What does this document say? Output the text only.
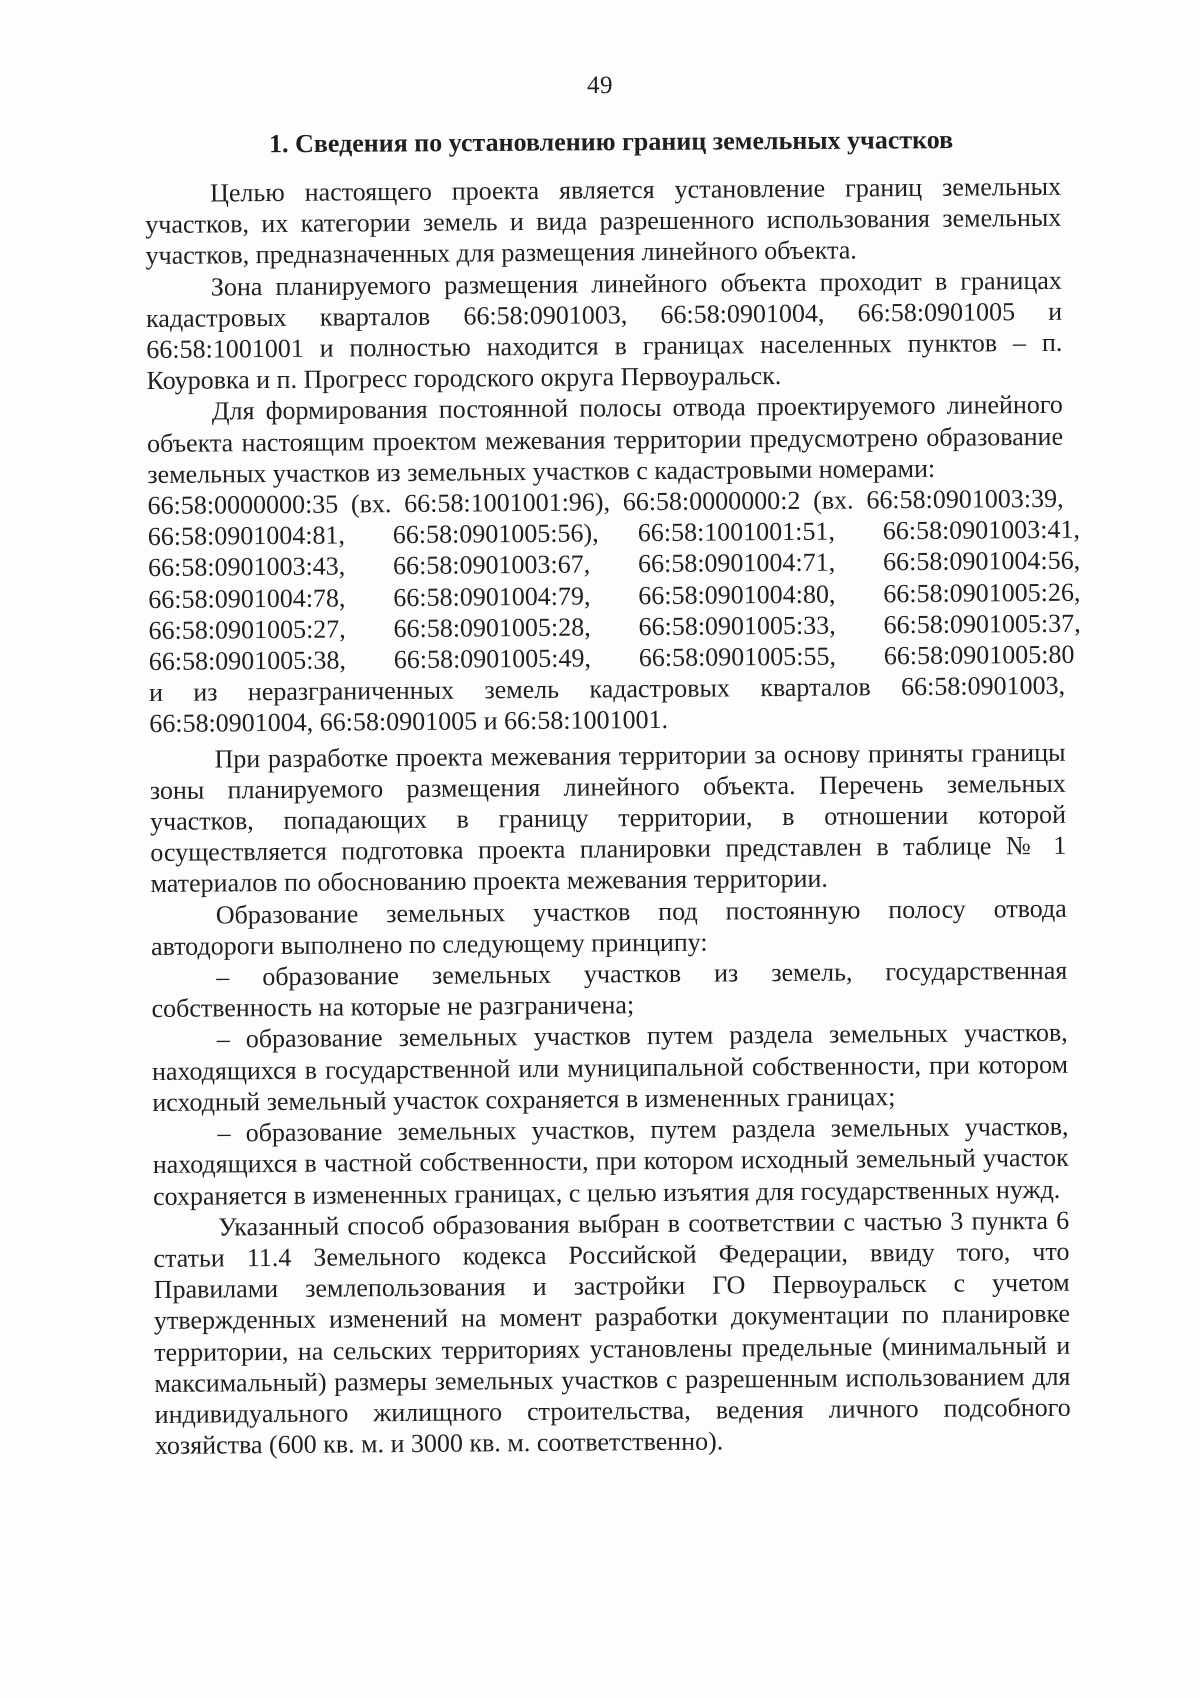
49
1. Сведения по установлению границ земельных участков

Целью настоящего проекта является установление границ земельных участков, их категории земель и вида разрешенного использования земельных участков, предназначенных для размещения линейного объекта.

Зона планируемого размещения линейного объекта проходит в границах кадастровых кварталов 66:58:0901003, 66:58:0901004, 66:58:0901005 и 66:58:1001001 и полностью находится в границах населенных пунктов – п. Коуровка и п. Прогресс городского округа Первоуральск.

Для формирования постоянной полосы отвода проектируемого линейного объекта настоящим проектом межевания территории предусмотрено образование земельных участков из земельных участков с кадастровыми номерами:

66:58:0000000:35 (вх. 66:58:1001001:96), 66:58:0000000:2 (вх. 66:58:0901003:39,

66:58:0901004:81,	66:58:0901005:56),	66:58:1001001:51,	66:58:0901003:41,
66:58:0901003:43,	66:58:0901003:67,	66:58:0901004:71,	66:58:0901004:56,
66:58:0901004:78,	66:58:0901004:79,	66:58:0901004:80,	66:58:0901005:26,
66:58:0901005:27,	66:58:0901005:28,	66:58:0901005:33,	66:58:0901005:37,
66:58:0901005:38,	66:58:0901005:49,	66:58:0901005:55,	66:58:0901005:80

и из неразграниченных земель кадастровых кварталов 66:58:0901003, 66:58:0901004, 66:58:0901005 и 66:58:1001001.

При разработке проекта межевания территории за основу приняты границы зоны планируемого размещения линейного объекта. Перечень земельных участков, попадающих в границу территории, в отношении которой осуществляется подготовка проекта планировки представлен в таблице № 1 материалов по обоснованию проекта межевания территории.

Образование земельных участков под постоянную полосу отвода автодороги выполнено по следующему принципу:

– образование земельных участков из земель, государственная собственность на которые не разграничена;

– образование земельных участков путем раздела земельных участков, находящихся в государственной или муниципальной собственности, при котором исходный земельный участок сохраняется в измененных границах;

– образование земельных участков, путем раздела земельных участков, находящихся в частной собственности, при котором исходный земельный участок сохраняется в измененных границах, с целью изъятия для государственных нужд.

Указанный способ образования выбран в соответствии с частью 3 пункта 6 статьи 11.4 Земельного кодекса Российской Федерации, ввиду того, что Правилами землепользования и застройки ГО Первоуральск с учетом утвержденных изменений на момент разработки документации по планировке территории, на сельских территориях установлены предельные (минимальный и максимальный) размеры земельных участков с разрешенным использованием для индивидуального жилищного строительства, ведения личного подсобного хозяйства (600 кв. м. и 3000 кв. м. соответственно).
